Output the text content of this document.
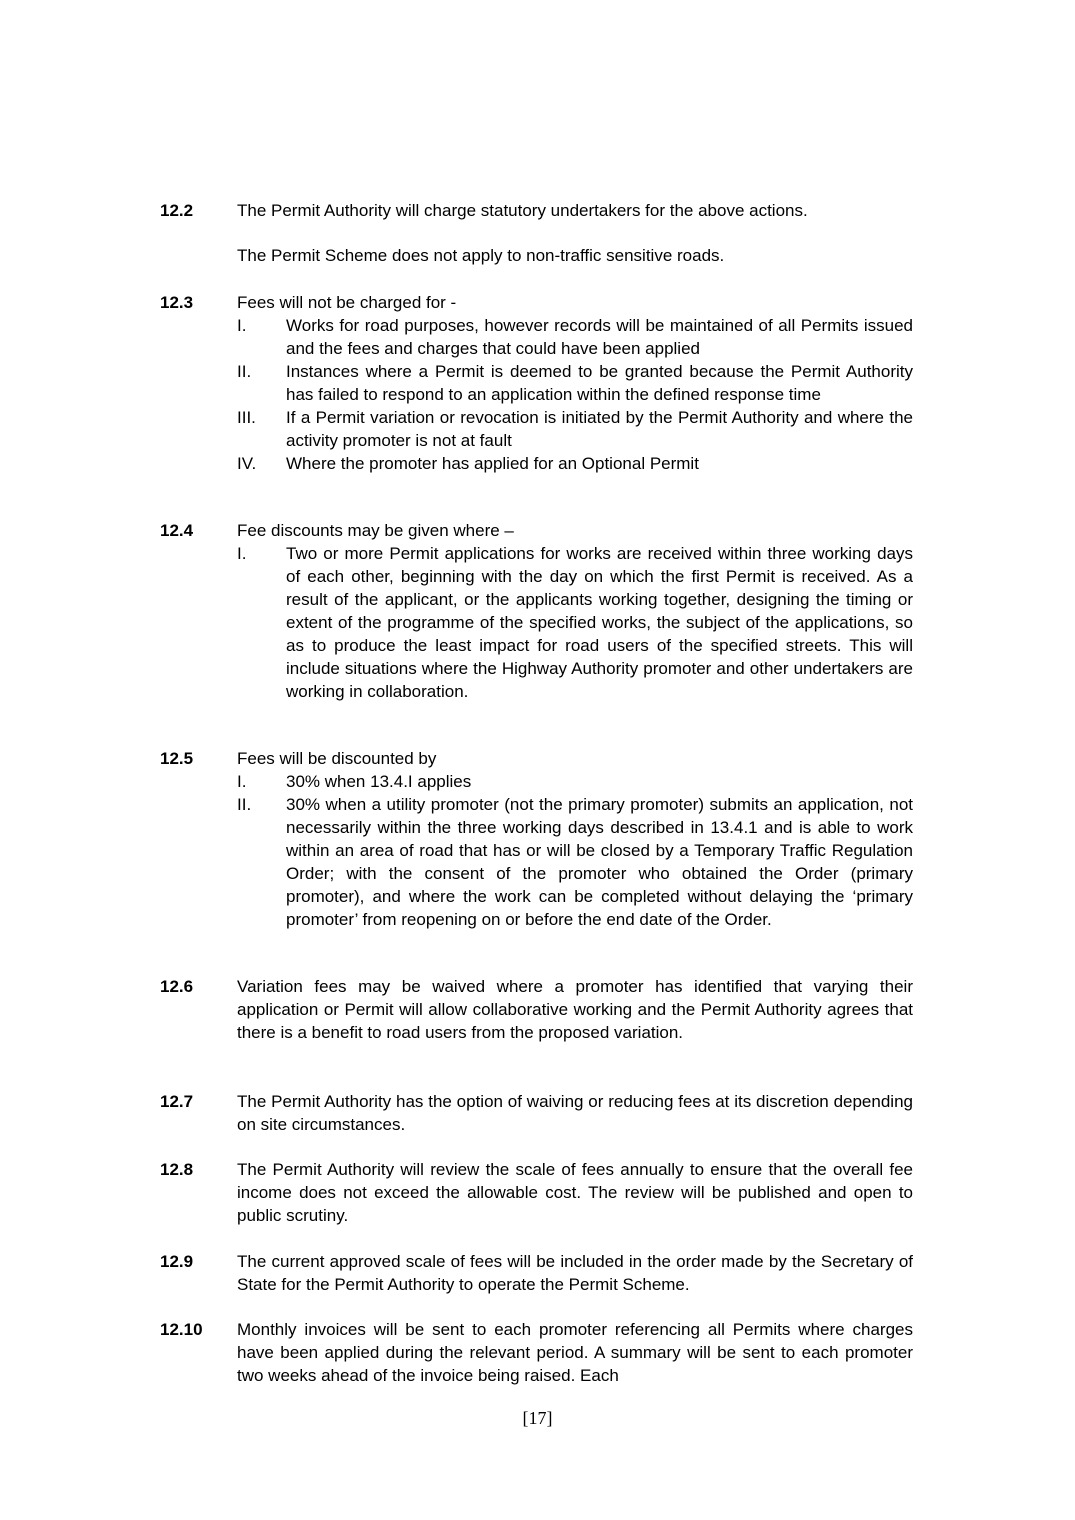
12.2	The Permit Authority will charge statutory undertakers for the above actions.

The Permit Scheme does not apply to non-traffic sensitive roads.

12.3	Fees will not be charged for -

I.	Works for road purposes, however records will be maintained of all Permits issued and the fees and charges that could have been applied
II.	Instances where a Permit is deemed to be granted because the Permit Authority has failed to respond to an application within the defined response time
III.	If a Permit variation or revocation is initiated by the Permit Authority and where the activity promoter is not at fault
IV.	Where the promoter has applied for an Optional Permit
12.4	Fee discounts may be given where –

I.	Two or more Permit applications for works are received within three working days of each other, beginning with the day on which the first Permit is received. As a result of the applicant, or the applicants working together, designing the timing or extent of the programme of the specified works, the subject of the applications, so as to produce the least impact for road users of the specified streets. This will include situations where the Highway Authority promoter and other undertakers are working in collaboration.
12.5	Fees will be discounted by

I.	30% when 13.4.I applies
II.	30% when a utility promoter (not the primary promoter) submits an application, not necessarily within the three working days described in 13.4.1 and is able to work within an area of road that has or will be closed by a Temporary Traffic Regulation Order; with the consent of the promoter who obtained the Order (primary promoter), and where the work can be completed without delaying the ‘primary promoter’ from reopening on or before the end date of the Order.
12.6	Variation fees may be waived where a promoter has identified that varying their application or Permit will allow collaborative working and the Permit Authority agrees that there is a benefit to road users from the proposed variation.

12.7	The Permit Authority has the option of waiving or reducing fees at its discretion depending on site circumstances.

12.8	The Permit Authority will review the scale of fees annually to ensure that the overall fee income does not exceed the allowable cost. The review will be published and open to public scrutiny.

12.9	The current approved scale of fees will be included in the order made by the Secretary of State for the Permit Authority to operate the Permit Scheme.

12.10 Monthly invoices will be sent to each promoter referencing all Permits where charges have been applied during the relevant period. A summary will be sent to each promoter two weeks ahead of the invoice being raised. Each

[17]
